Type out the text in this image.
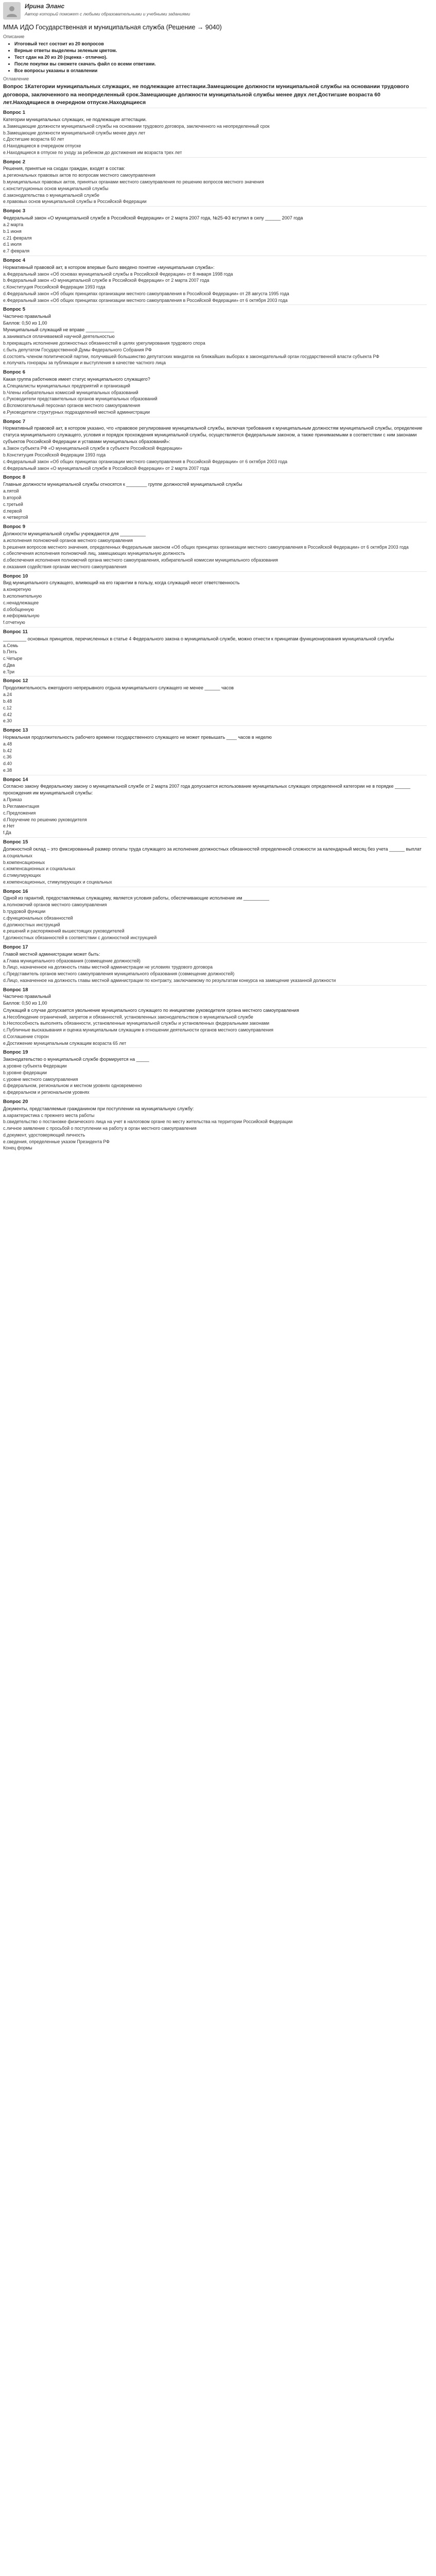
Ирина Эланс
Автор который поможет с любыми образовательными и учебными заданиями
ММА ИДО Государственная и муниципальная служба (Решение → 9040)
Описание
• Итоговый тест состоит из 20 вопросов
• Верные ответы выделены зеленым цветом.
• Тест сдан на 20 из 20 (оценка - отлично).
• После покупки вы сможете скачать файл со всеми ответами.
• Все вопросы указаны в оглавлении
Оглавление
Вопрос 1Категории муниципальных служащих, не подлежащие аттестации.Замещающие должности муниципальной службы на основании трудового договора, заключенного на неопределенный срок.Замещающие должности муниципальной службы менее двух лет.Достигшие возраста 60 лет.Находящиеся в очередном отпуске.Находящиеся
Вопрос 1
Категории муниципальных служащих, не подлежащие аттестации.
а.Замещающие должности муниципальной службы на основании трудового договора, заключенного на неопределенный срок
b.Замещающие должности муниципальной службы менее двух лет
c.Достигшие возраста 60 лет
d.Находящиеся в очередном отпуске
e.Находящиеся в отпуске по уходу за ребенком до достижения им возраста трех лет
Вопрос 2
Решения, принятые на сходах граждан, входят в состав:
a.региональных правовых актов по вопросам местного самоуправления
b.муниципальных правовых актов, принятых органами местного самоуправления по решению вопросов местного значения
c.конституционных основ муниципальной службы
d.законодательства о муниципальной службе
e.правовых основ муниципальной службы в Российской Федерации
Вопрос 3
Федеральный закон «О муниципальной службе в Российской Федерации» от 2 марта 2007 года, №25-ФЗ вступил в силу ______ 2007 года
a.2 марта
b.1 июня
c.21 февраля
d.1 июля
e.7 февраля
Вопрос 4
Нормативный правовой акт, в котором впервые было введено понятие «муниципальная служба»:
a.Федеральный закон «Об основах муниципальной службы в Российской Федерации» от 8 января 1998 года
b.Федеральный закон «О муниципальной службе в Российской Федерации» от 2 марта 2007 года
c.Конституция Российской Федерации 1993 года
d.Федеральный закон «Об общих принципах организации местного самоуправления в Российской Федерации» от 28 августа 1995 года
e.Федеральный закон «Об общих принципах организации местного самоуправления в Российской Федерации» от 6 октября 2003 года
Вопрос 5
Частично правильный
Баллов: 0,50 из 1,00
Муниципальный служащий не вправе ___________
a.заниматься оплачиваемой научной деятельностью
b.прекращать исполнение должностных обязанностей в целях урегулирования трудового спора
c.быть депутатом Государственной Думы Федерального Собрания РФ
d.состоять членом политической партии, получившей большинство депутатских мандатов на ближайших выборах в законодательный орган государственной власти субъекта РФ
e.получать гонорары за публикации и выступления в качестве частного лица
Вопрос 6
Какая группа работников имеет статус муниципального служащего?
a.Специалисты муниципальных предприятий и организаций
b.Члены избирательных комиссий муниципальных образований
c.Руководители представительных органов муниципальных образований
d.Вспомогательный персонал органов местного самоуправления
e.Руководители структурных подразделений местной администрации
Вопрос 7
Нормативный правовой акт, в котором указано, что «правовое регулирование муниципальной службы, включая требования к муниципальным должностям муниципальной службы, определение статуса муниципального служащего, условия и порядок прохождения муниципальной службы, осуществляется федеральным законом, а также принимаемыми в соответствии с ним законами субъектов Российской Федерации и уставами муниципальных образований»:
a.Закон субъекта РФ «О муниципальной службе в субъекте Российской Федерации»
b.Конституция Российской Федерации 1993 года
c.Федеральный закон «Об общих принципах организации местного самоуправления в Российской Федерации» от 6 октября 2003 года
d.Федеральный закон «О муниципальной службе в Российской Федерации» от 2 марта 2007 года
Вопрос 8
Главные должности муниципальной службы относятся к ________ группе должностей муниципальной службы
a.пятой
b.второй
c.третьей
d.первой
e.четвертой
Вопрос 9
Должности муниципальной службы учреждаются для __________
a.исполнения полномочий органов местного самоуправления
b.решения вопросов местного значения, определенных Федеральным законом «Об общих принципах организации местного самоуправления в Российской Федерации» от 6 октября 2003 года
c.обеспечения исполнения полномочий лиц, замещающих муниципальную должность
d.обеспечения исполнения полномочий органа местного самоуправления, избирательной комиссии муниципального образования
e.оказания содействия органам местного самоуправления
Вопрос 10
Вид муниципального служащего, влияющий на его гарантии в пользу, когда служащий несет ответственность
a.конкретную
b.исполнительную
c.ненадлежащее
d.обобщенную
e.неформальную
f.отчетную
Вопрос 11
_________ основных принципов, перечисленных в статье 4 Федерального закона о муниципальной службе, можно отнести к принципам функционирования муниципальной службы
a.Семь
b.Пять
c.Четыре
d.Два
e.Три
Вопрос 12
Продолжительность ежегодного непрерывного отдыха муниципального служащего не менее ______ часов
a.24
b.48
c.12
d.42
e.30
Вопрос 13
Нормальная продолжительность рабочего времени государственного служащего не может превышать ____ часов в неделю
a.48
b.42
c.36
d.40
e.38
Вопрос 14
Согласно закону Федеральному закону о муниципальной службе от 2 марта 2007 года допускается использование муниципальных служащих определенной категории не в порядке ______ прохождения им муниципальной службы:
a.Приказ
b.Регламентация
c.Предложения
d.Поручение по решению руководителя
e.Нет
f.Да
Вопрос 15
Должностной оклад – это фиксированный размер оплаты труда служащего за исполнение должностных обязанностей определенной сложности за календарный месяц без учета ______ выплат
a.социальных
b.компенсационных
c.компенсационных и социальных
d.стимулирующих
e.компенсационных, стимулирующих и социальных
Вопрос 16
Одной из гарантий, предоставляемых служащему, является условия работы, обеспечивающие исполнение им __________
a.полномочий органов местного самоуправления
b.трудовой функции
c.функциональных обязанностей
d.должностных инструкций
e.решений и распоряжений вышестоящих руководителей
f.должностных обязанностей в соответствии с должностной инструкцией
Вопрос 17
Главой местной администрации может быть:
a.Глава муниципального образования (совмещение должностей)
b.Лицо, назначенное на должность главы местной администрации не условиях трудового договора
c.Представитель органов местного самоуправления муниципального образования (совмещение должностей)
d.Лицо, назначенное на должность главы местной администрации по контракту, заключаемому по результатам конкурса на замещение указанной должности
Вопрос 18
Частично правильный
Баллов: 0,50 из 1,00
Служащий в случае допускается увольнение муниципального служащего по инициативе руководителя органа местного самоуправления
a.Несоблюдение ограничений, запретов и обязанностей, установленных законодательством о муниципальной службе
b.Неспособность выполнять обязанности, установленные муниципальной службы и установленных федеральными законами
c.Публичные высказывания и оценка муниципальным служащим в отношении деятельности органов местного самоуправления
d.Соглашение сторон
e.Достижение муниципальным служащим возраста 65 лет
Вопрос 19
Законодательство о муниципальной службе формируется на _____
a.уровне субъекта Федерации
b.уровне федерации
c.уровне местного самоуправления
d.федеральном, региональном и местном уровнях одновременно
e.федеральном и региональном уровнях
Вопрос 20
Документы, представляемые гражданином при поступлении на муниципальную службу:
a.характеристика с прежнего места работы
b.свидетельство о постановке физического лица на учет в налоговом органе по месту жительства на территории Российской Федерации
c.личное заявление с просьбой о поступлении на работу в орган местного самоуправления
d.документ, удостоверяющий личность
e.сведения, определенные указом Президента РФ
Конец формы
